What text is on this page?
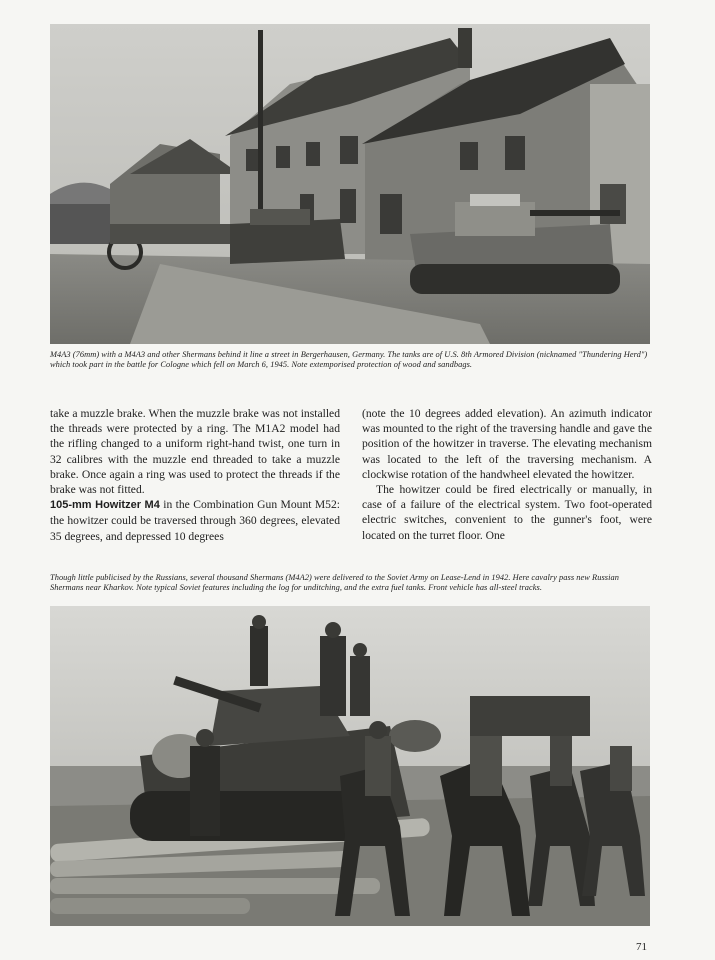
M4A3 (76mm) with a M4A3 and other Shermans behind it line a street in Bergerhausen, Germany. The tanks are of U.S. 8th Armored Division (nicknamed "Thundering Herd") which took part in the battle for Cologne which fell on March 6, 1945. Note extemporised protection of wood and sandbags.

take a muzzle brake. When the muzzle brake was not installed the threads were protected by a ring. The M1A2 model had the rifling changed to a uniform right-hand twist, one turn in 32 calibres with the muzzle end threaded to take a muzzle brake. Once again a ring was used to protect the threads if the brake was not fitted.

105-mm Howitzer M4 in the Combination Gun Mount M52: the howitzer could be traversed through 360 degrees, elevated 35 degrees, and depressed 10 degrees

(note the 10 degrees added elevation). An azimuth indicator was mounted to the right of the traversing handle and gave the position of the howitzer in traverse. The elevating mechanism was located to the left of the traversing mechanism. A clockwise rotation of the handwheel elevated the howitzer.

The howitzer could be fired electrically or manually, in case of a failure of the electrical system. Two foot-operated electric switches, convenient to the gunner's foot, were located on the turret floor. One

Though little publicised by the Russians, several thousand Shermans (M4A2) were delivered to the Soviet Army on Lease-Lend in 1942. Here cavalry pass new Russian Shermans near Kharkov. Note typical Soviet features including the log for unditching, and the extra fuel tanks. Front vehicle has all-steel tracks.
71
